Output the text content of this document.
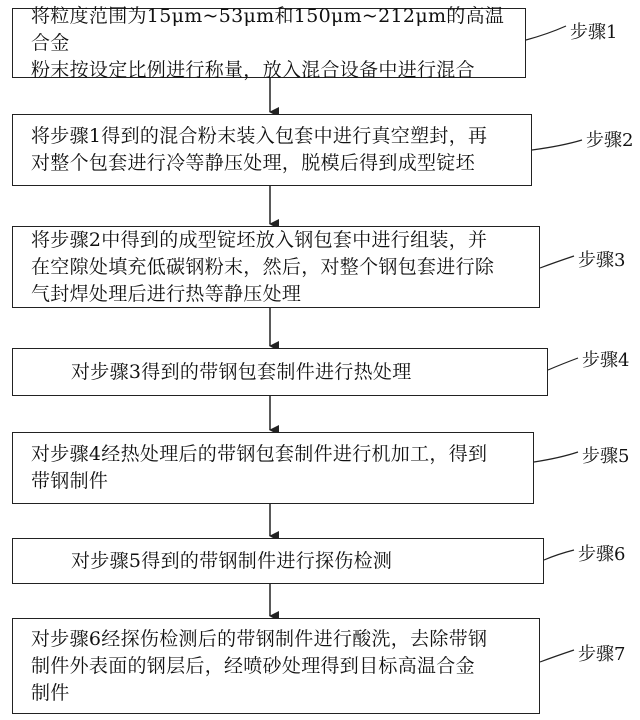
将粒度范围为15μm~53μm和150μm~212μm的高温合金
粉末按设定比例进行称量，放入混合设备中进行混合
步骤1
将步骤1得到的混合粉末装入包套中进行真空塑封，再
对整个包套进行冷等静压处理，脱模后得到成型锭坯
步骤2
将步骤2中得到的成型锭坯放入钢包套中进行组装，并
在空隙处填充低碳钢粉末，然后，对整个钢包套进行除
气封焊处理后进行热等静压处理
步骤3
对步骤3得到的带钢包套制件进行热处理	步骤4
对步骤4经热处理后的带钢包套制件进行机加工，得到
带钢制件
步骤5
对步骤5得到的带钢制件进行探伤检测	步骤6
对步骤6经探伤检测后的带钢制件进行酸洗，去除带钢
制件外表面的钢层后，经喷砂处理得到目标高温合金
制件
步骤7
